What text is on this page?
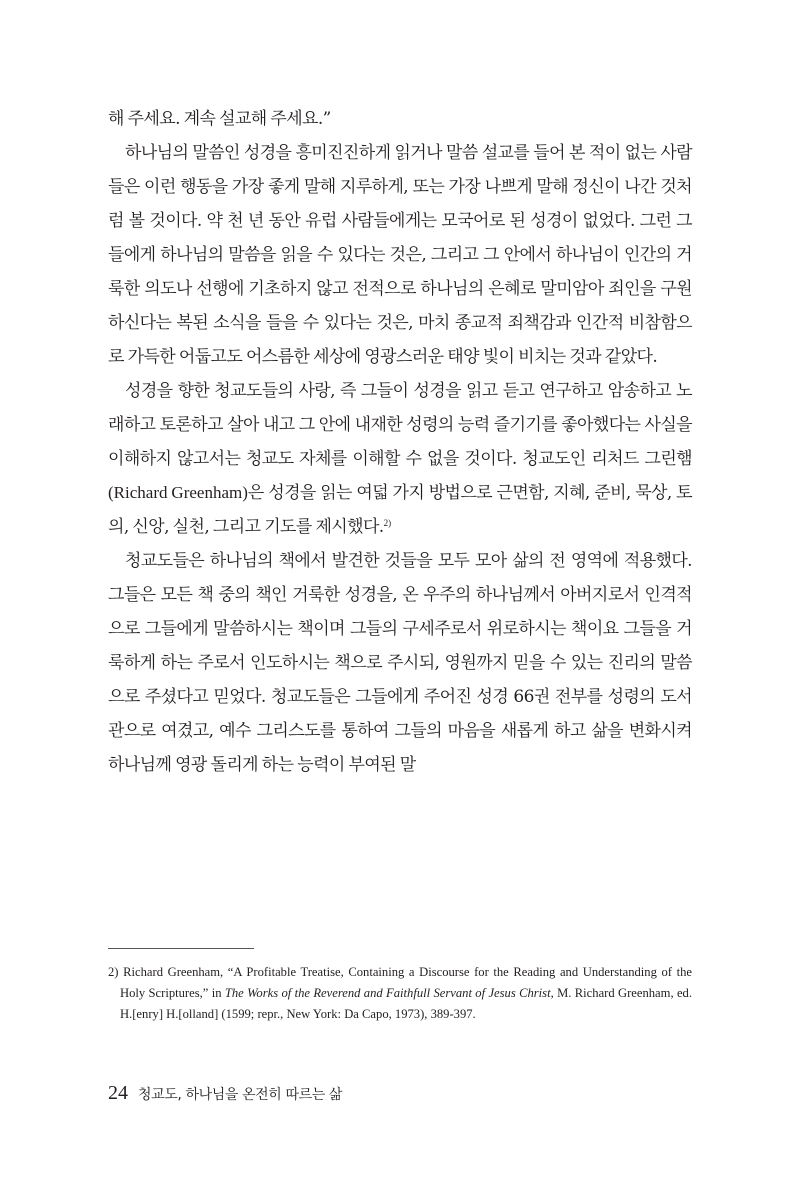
해 주세요. 계속 설교해 주세요.”

하나님의 말씀인 성경을 흥미진진하게 읽거나 말씀 설교를 들어 본 적이 없는 사람들은 이런 행동을 가장 좋게 말해 지루하게, 또는 가장 나쁘게 말해 정신이 나간 것처럼 볼 것이다. 약 천 년 동안 유럽 사람들에게는 모국어로 된 성경이 없었다. 그런 그들에게 하나님의 말씀을 읽을 수 있다는 것은, 그리고 그 안에서 하나님이 인간의 거룩한 의도나 선행에 기초하지 않고 전적으로 하나님의 은혜로 말미암아 죄인을 구원하신다는 복된 소식을 들을 수 있다는 것은, 마치 종교적 죄책감과 인간적 비참함으로 가득한 어둡고도 어스름한 세상에 영광스러운 태양 빛이 비치는 것과 같았다.

성경을 향한 청교도들의 사랑, 즉 그들이 성경을 읽고 듣고 연구하고 암송하고 노래하고 토론하고 살아 내고 그 안에 내재한 성령의 능력 즐기기를 좋아했다는 사실을 이해하지 않고서는 청교도 자체를 이해할 수 없을 것이다. 청교도인 리처드 그린햄(Richard Greenham)은 성경을 읽는 여덟 가지 방법으로 근면함, 지혜, 준비, 묵상, 토의, 신앙, 실천, 그리고 기도를 제시했다.$^{2)}$

청교도들은 하나님의 책에서 발견한 것들을 모두 모아 삶의 전 영역에 적용했다. 그들은 모든 책 중의 책인 거룩한 성경을, 온 우주의 하나님께서 아버지로서 인격적으로 그들에게 말씀하시는 책이며 그들의 구세주로서 위로하시는 책이요 그들을 거룩하게 하는 주로서 인도하시는 책으로 주시되, 영원까지 믿을 수 있는 진리의 말씀으로 주셨다고 믿었다. 청교도들은 그들에게 주어진 성경 66권 전부를 성령의 도서관으로 여겼고, 예수 그리스도를 통하여 그들의 마음을 새롭게 하고 삶을 변화시켜 하나님께 영광 돌리게 하는 능력이 부여된 말

2) Richard Greenham, “A Profitable Treatise, Containing a Discourse for the Reading and Understanding of the Holy Scriptures,” in The Works of the Reverend and Faithfull Servant of Jesus Christ, M. Richard Greenham, ed. H.[enry] H.[olland] (1599; repr., New York: Da Capo, 1973), 389-397.
24 청교도, 하나님을 온전히 따르는 삶
